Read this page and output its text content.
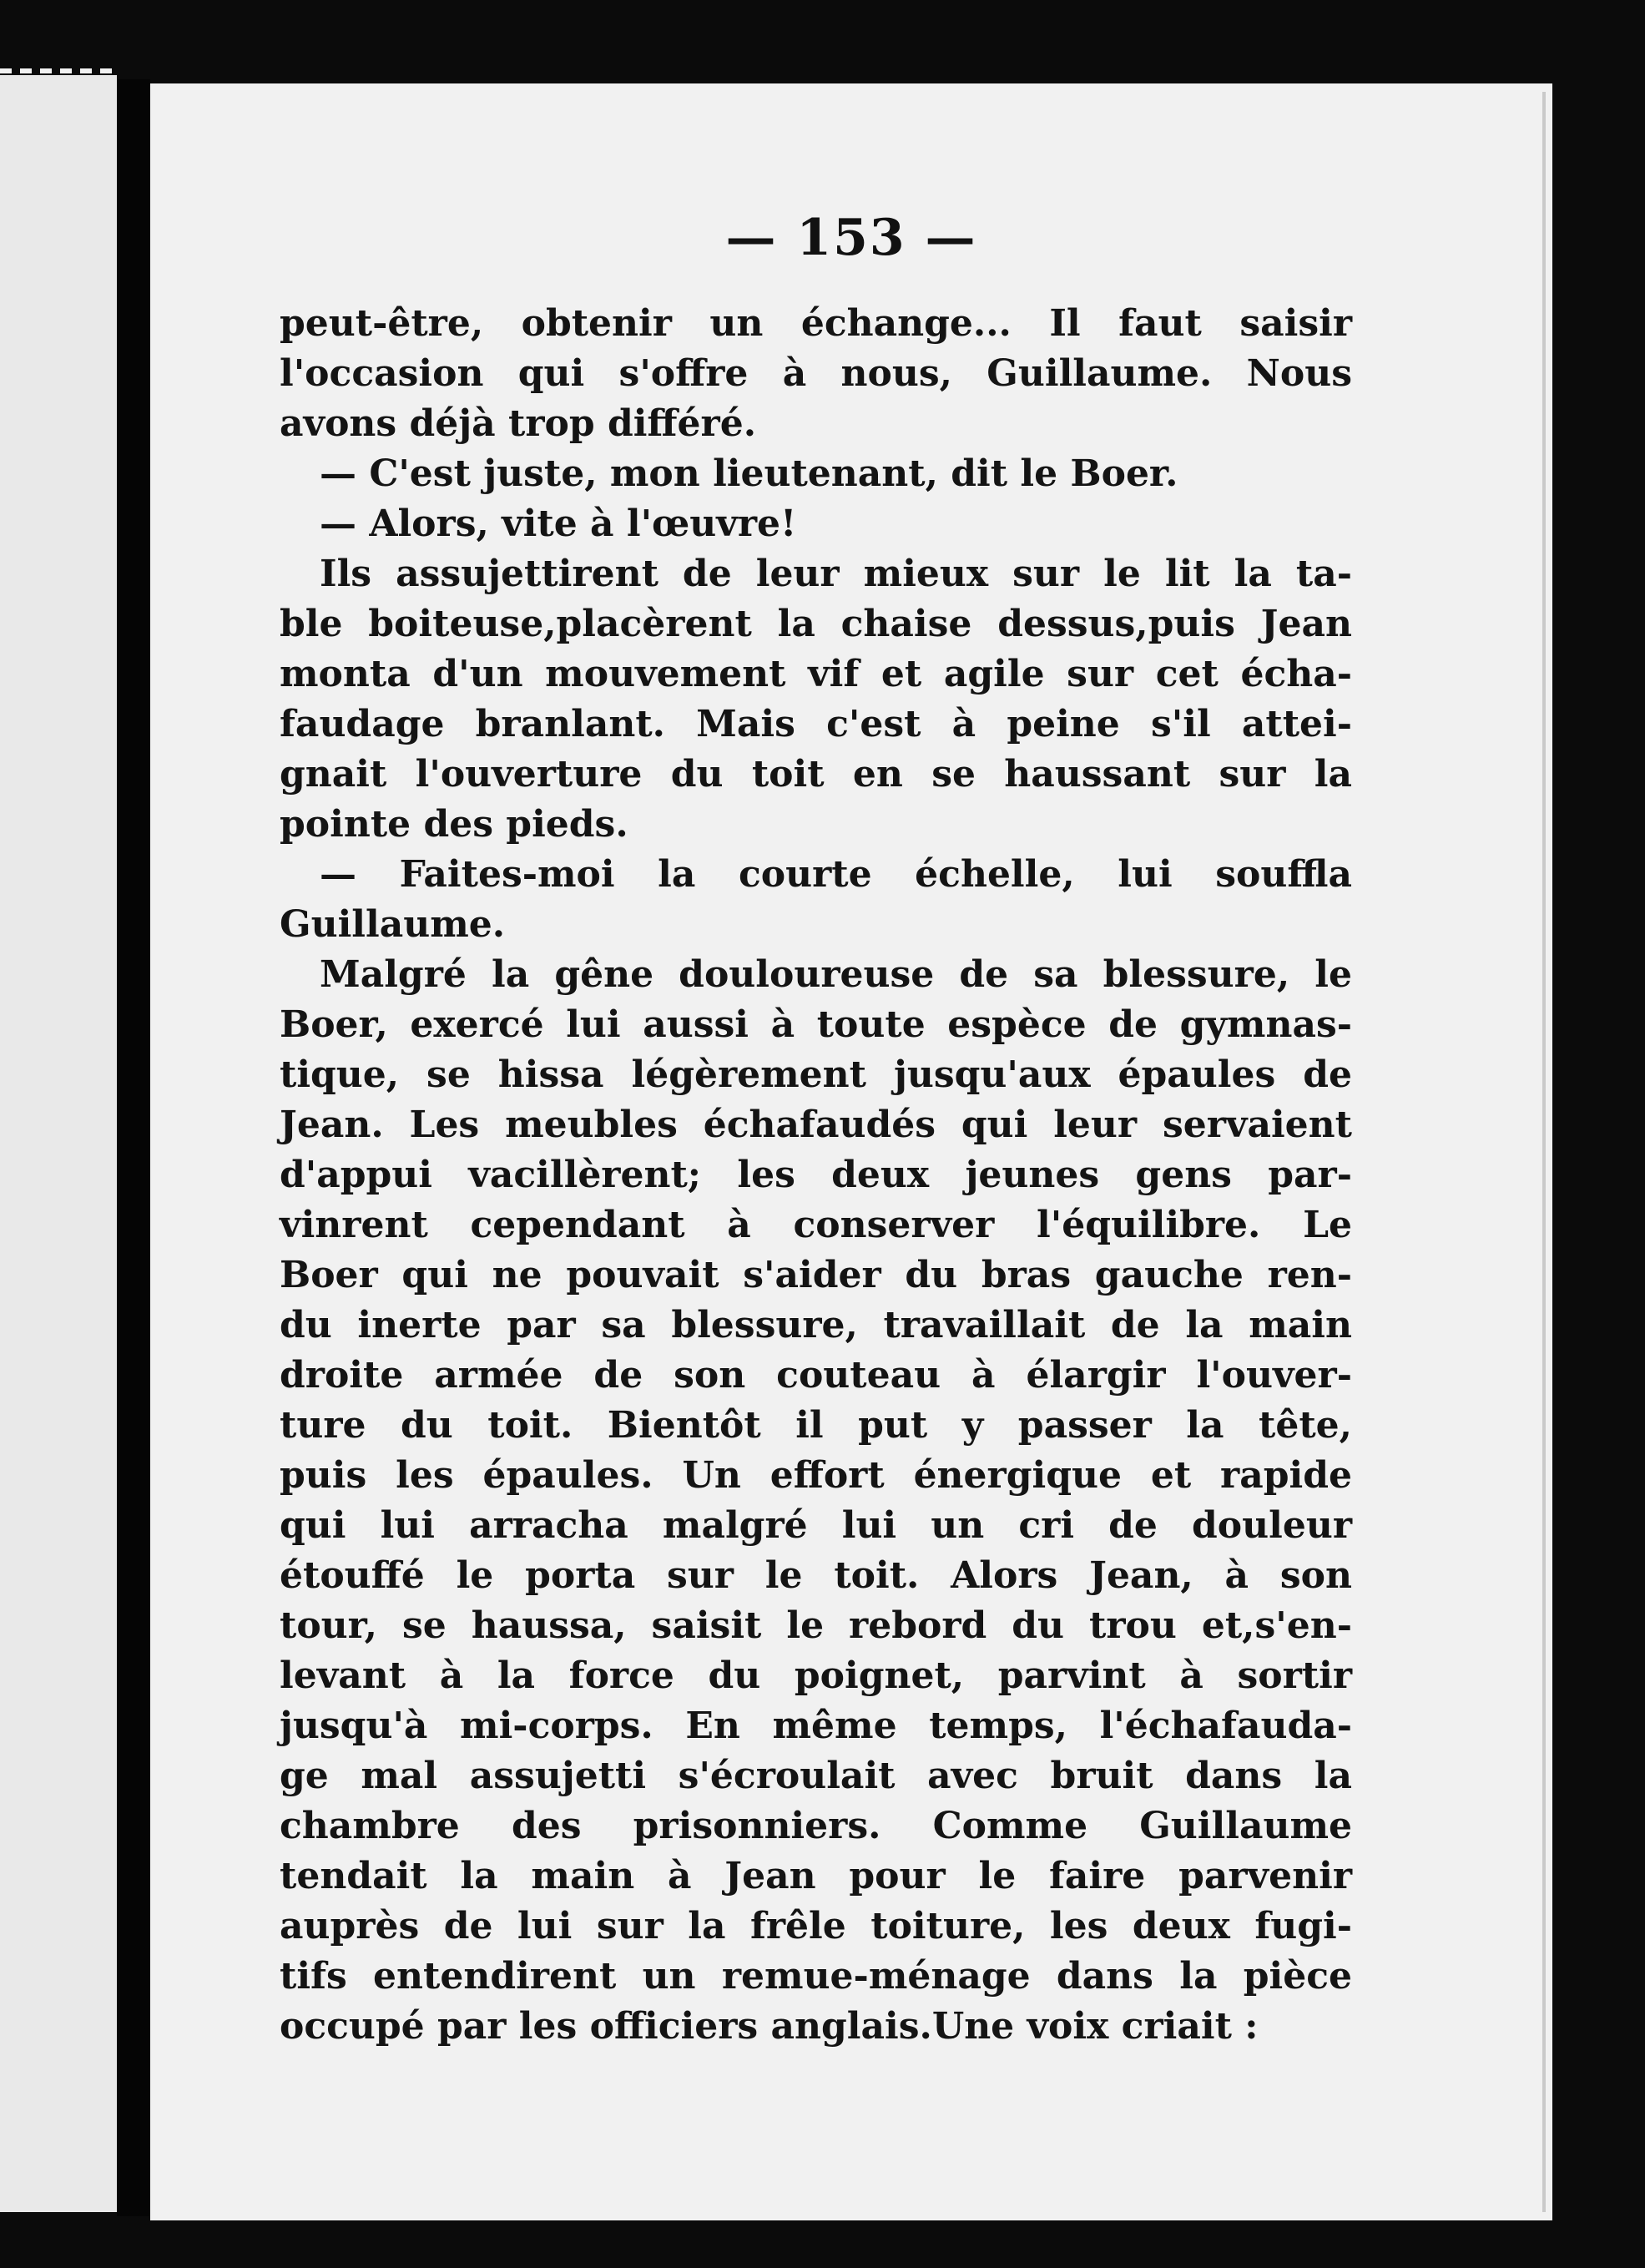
— 153 —
peut-être, obtenir un échange... Il faut saisir
l'occasion qui s'offre à nous, Guillaume. Nous
avons déjà trop différé.
— C'est juste, mon lieutenant, dit le Boer.
— Alors, vite à l'œuvre!
Ils assujettirent de leur mieux sur le lit la ta-
ble boiteuse,placèrent la chaise dessus,puis Jean
monta d'un mouvement vif et agile sur cet écha-
faudage branlant. Mais c'est à peine s'il attei-
gnait l'ouverture du toit en se haussant sur la
pointe des pieds.
— Faites-moi la courte échelle, lui souffla
Guillaume.
Malgré la gêne douloureuse de sa blessure, le
Boer, exercé lui aussi à toute espèce de gymnas-
tique, se hissa légèrement jusqu'aux épaules de
Jean. Les meubles échafaudés qui leur servaient
d'appui vacillèrent; les deux jeunes gens par-
vinrent cependant à conserver l'équilibre. Le
Boer qui ne pouvait s'aider du bras gauche ren-
du inerte par sa blessure, travaillait de la main
droite armée de son couteau à élargir l'ouver-
ture du toit. Bientôt il put y passer la tête,
puis les épaules. Un effort énergique et rapide
qui lui arracha malgré lui un cri de douleur
étouffé le porta sur le toit. Alors Jean, à son
tour, se haussa, saisit le rebord du trou et,s'en-
levant à la force du poignet, parvint à sortir
jusqu'à mi-corps. En même temps, l'échafauda-
ge mal assujetti s'écroulait avec bruit dans la
chambre des prisonniers. Comme Guillaume
tendait la main à Jean pour le faire parvenir
auprès de lui sur la frêle toiture, les deux fugi-
tifs entendirent un remue-ménage dans la pièce
occupé par les officiers anglais.Une voix criait :
